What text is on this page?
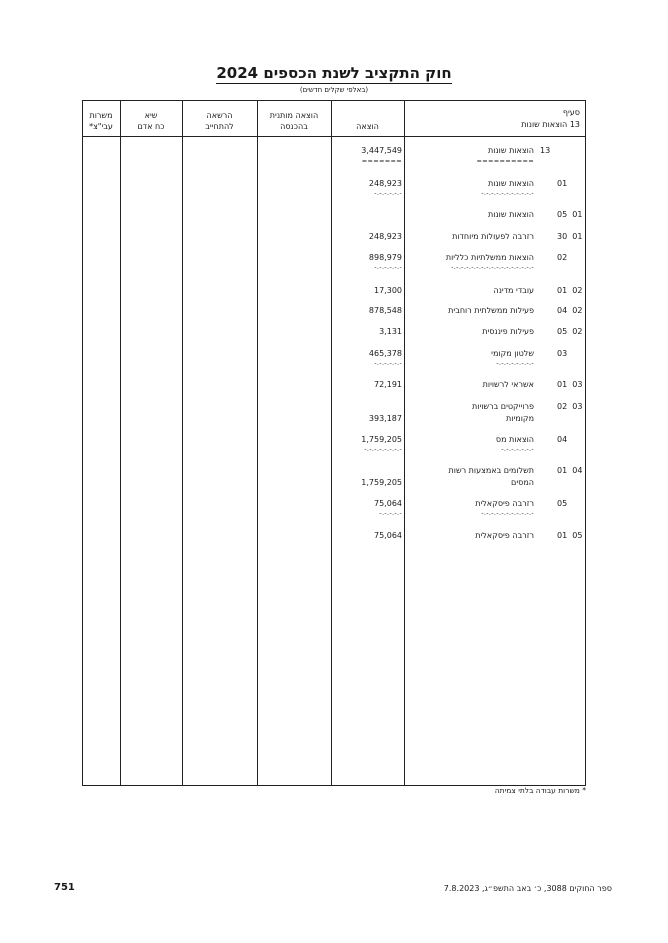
חוק התקציב לשנת הכספים 2024
(באלפי שקלים חדשים)
סעיף
13 הוצאות שונות
הוצאה
הוצאה מותנית
בהכנסה
הרשאה
להתחייב
שיא
כח אדם
משרות
עבי"צ*
13
הוצאות שונות
==========
3,447,549
=======
01
הוצאות שונות
-.-.-.-.-.-.-.-.-.-.-
248,923
-.-.-.-.-.-
05  01
הוצאות שונות
30  01
רזרבה לפעולות מיוחדות
248,923
02
הוצאות ממשלתיות כלליות
-.-.-.-.-.-.-.-.-.-.-.-.-.-.-.-.-
898,979
-.-.-.-.-.-
01  02
עובדי מדינה
17,300
04  02
פעילות ממשלתית רוחבית
878,548
05  02
פעילות פיננסית
3,131
03
שלטון מקומי
-.-.-.-.-.-.-.-
465,378
-.-.-.-.-.-
01  03
אשראי לרשויות
72,191
02  03
פרוייקטים ברשויות
מקומיות
393,187
04
הוצאות מס
-.-.-.-.-.-.-
1,759,205
-.-.-.-.-.-.-.-
01  04
תשלומים באמצעות רשות
המסים
1,759,205
05
רזרבה פיסקאלית
-.-.-.-.-.-.-.-.-.-.-
75,064
-.-.-.-.-
01  05
רזרבה פיסקאלית
75,064
* משרות עבודה בלתי צמיתה
751	ספר החוקים 3088, כ׳ באב התשפ״ג, 7.8.2023
